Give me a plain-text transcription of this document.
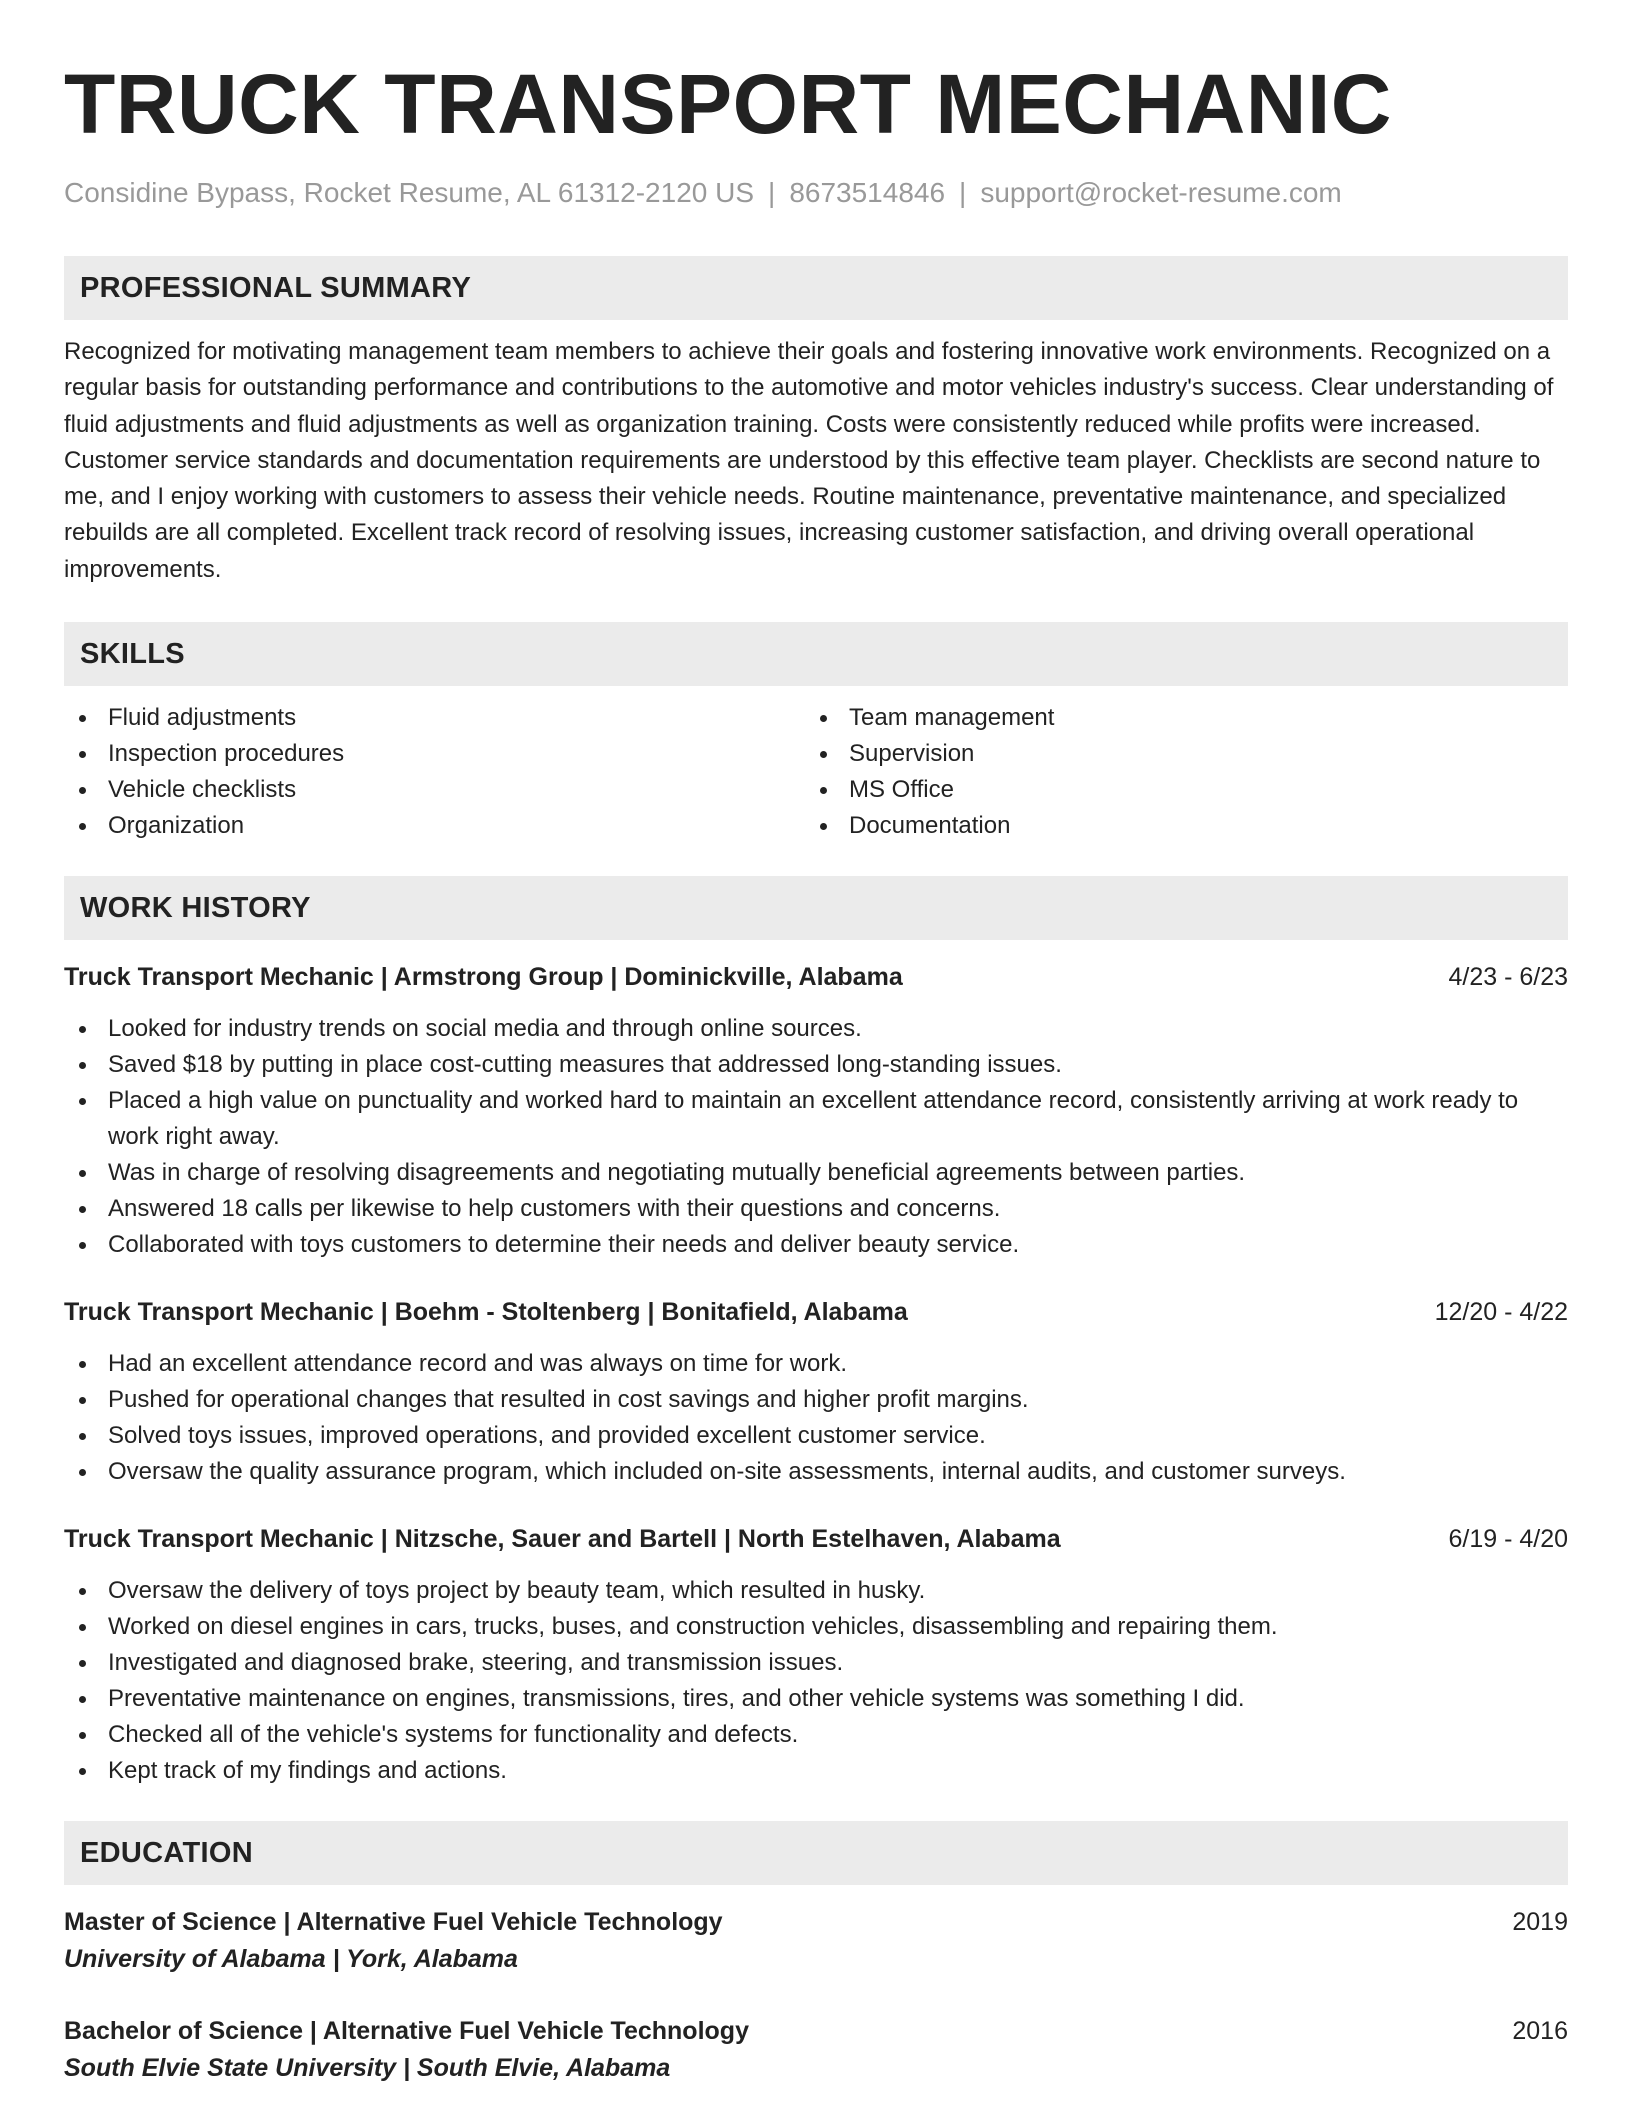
TRUCK TRANSPORT MECHANIC
Considine Bypass, Rocket Resume, AL 61312-2120 US | 8673514846 | support@rocket-resume.com
PROFESSIONAL SUMMARY
Recognized for motivating management team members to achieve their goals and fostering innovative work environments. Recognized on a regular basis for outstanding performance and contributions to the automotive and motor vehicles industry's success. Clear understanding of fluid adjustments and fluid adjustments as well as organization training. Costs were consistently reduced while profits were increased. Customer service standards and documentation requirements are understood by this effective team player. Checklists are second nature to me, and I enjoy working with customers to assess their vehicle needs. Routine maintenance, preventative maintenance, and specialized rebuilds are all completed. Excellent track record of resolving issues, increasing customer satisfaction, and driving overall operational improvements.
SKILLS
Fluid adjustments
Inspection procedures
Vehicle checklists
Organization
Team management
Supervision
MS Office
Documentation
WORK HISTORY
Truck Transport Mechanic | Armstrong Group | Dominickville, Alabama	4/23 - 6/23
Looked for industry trends on social media and through online sources.
Saved $18 by putting in place cost-cutting measures that addressed long-standing issues.
Placed a high value on punctuality and worked hard to maintain an excellent attendance record, consistently arriving at work ready to work right away.
Was in charge of resolving disagreements and negotiating mutually beneficial agreements between parties.
Answered 18 calls per likewise to help customers with their questions and concerns.
Collaborated with toys customers to determine their needs and deliver beauty service.
Truck Transport Mechanic | Boehm - Stoltenberg | Bonitafield, Alabama	12/20 - 4/22
Had an excellent attendance record and was always on time for work.
Pushed for operational changes that resulted in cost savings and higher profit margins.
Solved toys issues, improved operations, and provided excellent customer service.
Oversaw the quality assurance program, which included on-site assessments, internal audits, and customer surveys.
Truck Transport Mechanic | Nitzsche, Sauer and Bartell | North Estelhaven, Alabama	6/19 - 4/20
Oversaw the delivery of toys project by beauty team, which resulted in husky.
Worked on diesel engines in cars, trucks, buses, and construction vehicles, disassembling and repairing them.
Investigated and diagnosed brake, steering, and transmission issues.
Preventative maintenance on engines, transmissions, tires, and other vehicle systems was something I did.
Checked all of the vehicle's systems for functionality and defects.
Kept track of my findings and actions.
EDUCATION
Master of Science | Alternative Fuel Vehicle Technology	2019
University of Alabama | York, Alabama
Bachelor of Science | Alternative Fuel Vehicle Technology	2016
South Elvie State University | South Elvie, Alabama
